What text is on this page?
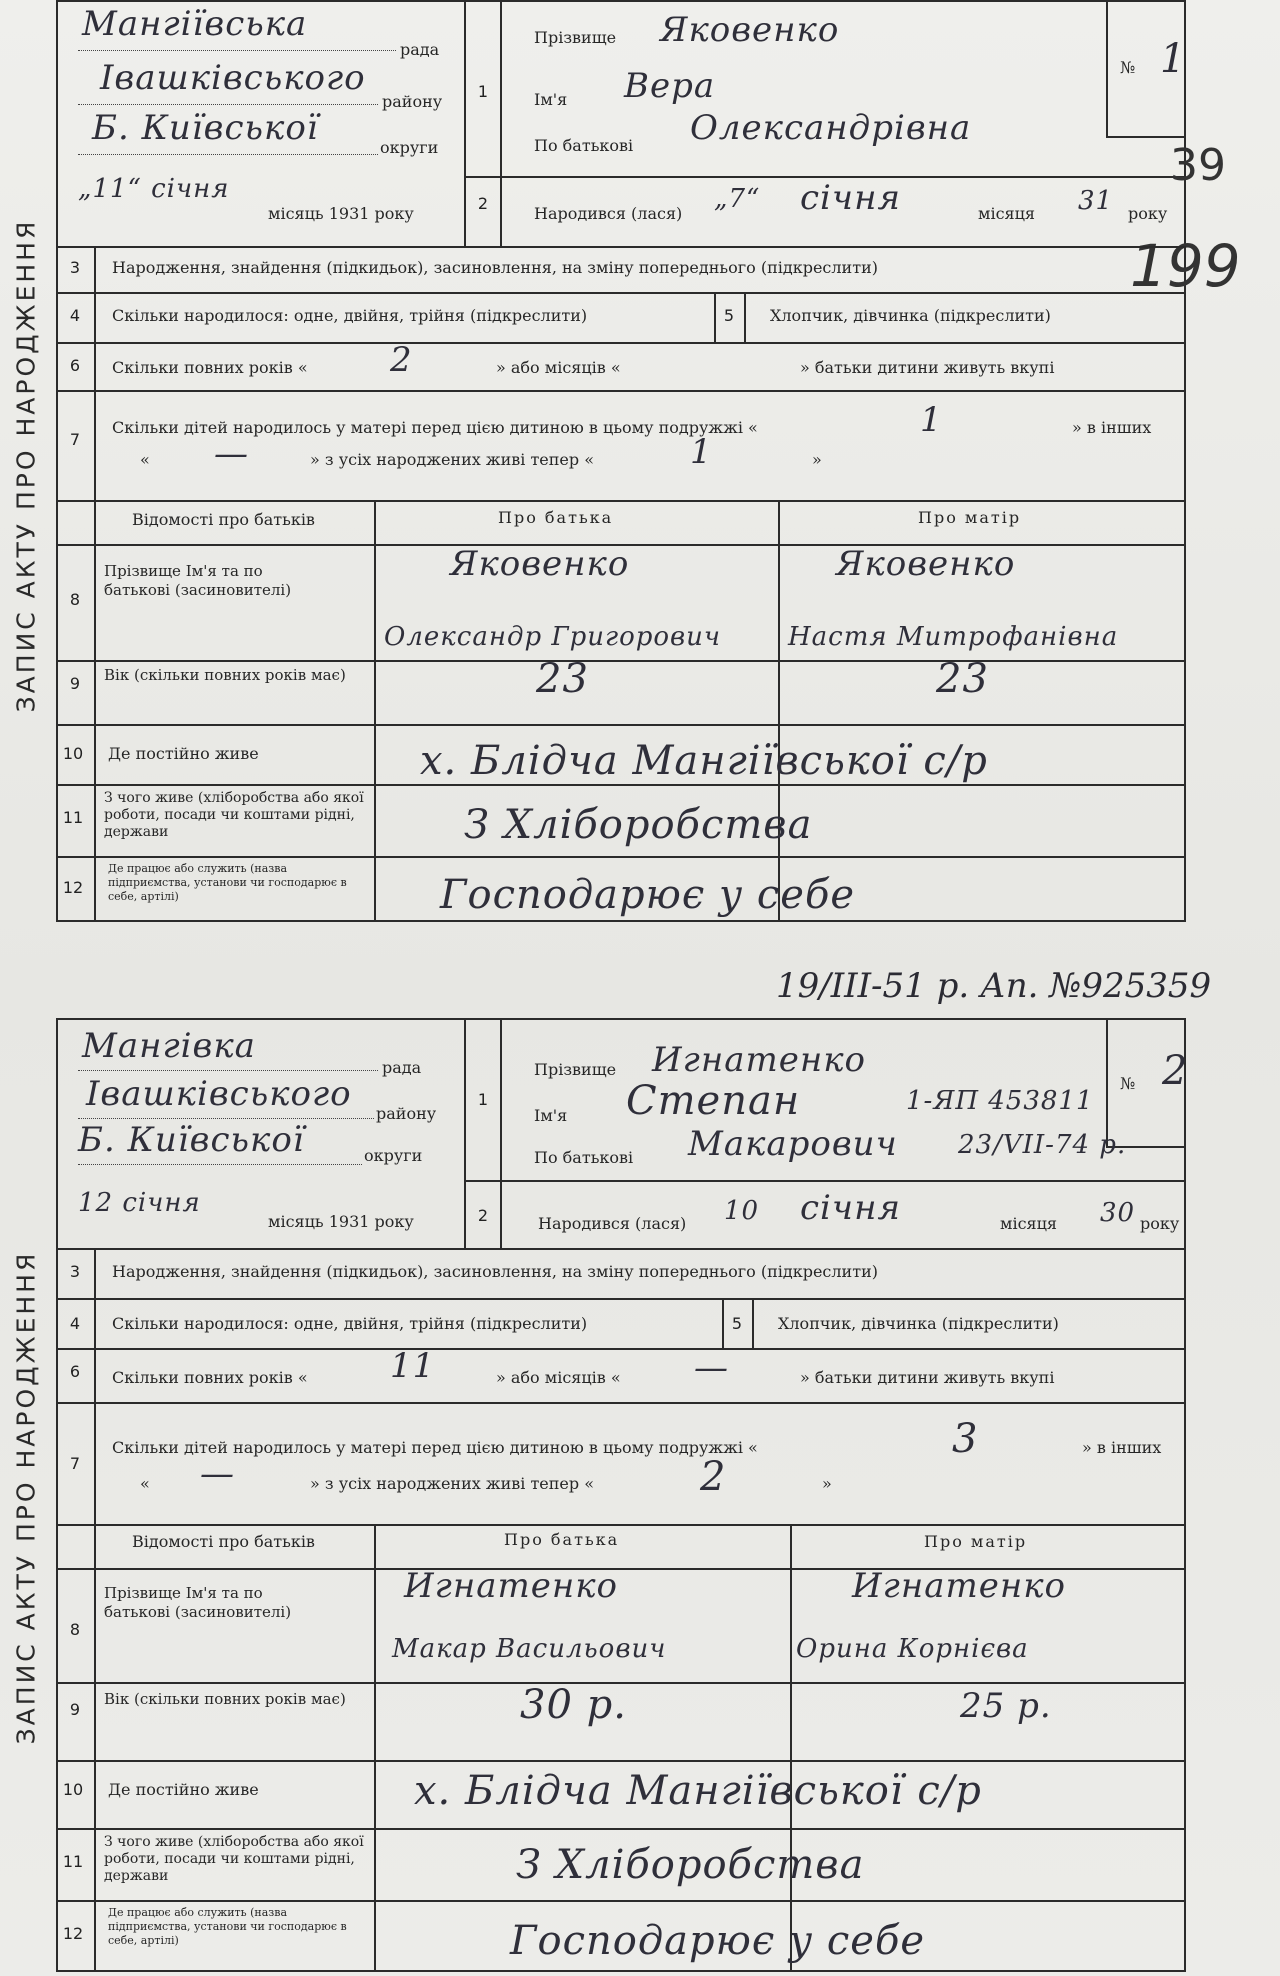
ЗАПИС АКТУ ПРО НАРОДЖЕННЯ
Мангіївська
рада
Івашківського
району
Б. Київської	округи
„11“ січня
місяць 1931 року
1
2
Прізвище Яковенко
Ім'я Вера
По батькові Олександрівна
№ 1
Народився (лася) „7“ січня	місяця 31 року
39
199
3	Народження, знайдення (підкидьок), засиновлення, на зміну попереднього (підкреслити)
4	Скільки народилося: одне, двійня, трійня (підкреслити)	5	Хлопчик, дівчинка (підкреслити)
6	Скільки повних років « 2	» або місяців «	» батьки дитини живуть вкупі
7
Скільки дітей народилось у матері перед цією дитиною в цьому подружжі «	1	» в інших
« —	» з усіх народжених живі тепер «	1	»
Відомості про батьків	Про батька	Про матір
8
Прізвище Ім'я та по батькові (засиновителі)
Яковенко	Яковенко
Олександр Григорович	Настя Митрофанівна
9	Вік (скільки повних років має)	23	23
10 Де постійно живе	х. Блідча Мангіївської с/р
11
З чого живе (хліборобства або якої роботи, посади чи коштами рідні, держави	З Хліборобства
12
Де працює або служить (назва підприємства, установи чи господарює в себе, артілі)	Господарює у себе
19/III-51 р. Ап. №925359
ЗАПИС АКТУ ПРО НАРОДЖЕННЯ
Мангівка
рада
Івашківського району
Б. Київської	округи
12 січня
місяць 1931 року
1
2
Прізвище Игнатенко
Ім'я Степан	1-ЯП 453811
По батькові Макарович 23/VII-74 р.
№ 2
Народився (лася) 10 січня	місяця 30 року
3	Народження, знайдення (підкидьок), засиновлення, на зміну попереднього (підкреслити)
4	Скільки народилося: одне, двійня, трійня (підкреслити)	5	Хлопчик, дівчинка (підкреслити)
6	Скільки повних років « 11	» або місяців « —	» батьки дитини живуть вкупі
7
Скільки дітей народилось у матері перед цією дитиною в цьому подружжі «	3	» в інших
« —	» з усіх народжених живі тепер «	2	»
Відомості про батьків	Про батька	Про матір
8
Прізвище Ім'я та по батькові (засиновителі)
Игнатенко	Игнатенко
Макар Васильович	Орина Корнієва
9
Вік (скільки повних років має)	30 р.	25 р.
10 Де постійно живе	х. Блідча Мангіївської с/р
11
З чого живе (хліборобства або якої роботи, посади чи коштами рідні, держави	З Хліборобства
12
Де працює або служить (назва підприємства, установи чи господарює в себе, артілі)	Господарює у себе
